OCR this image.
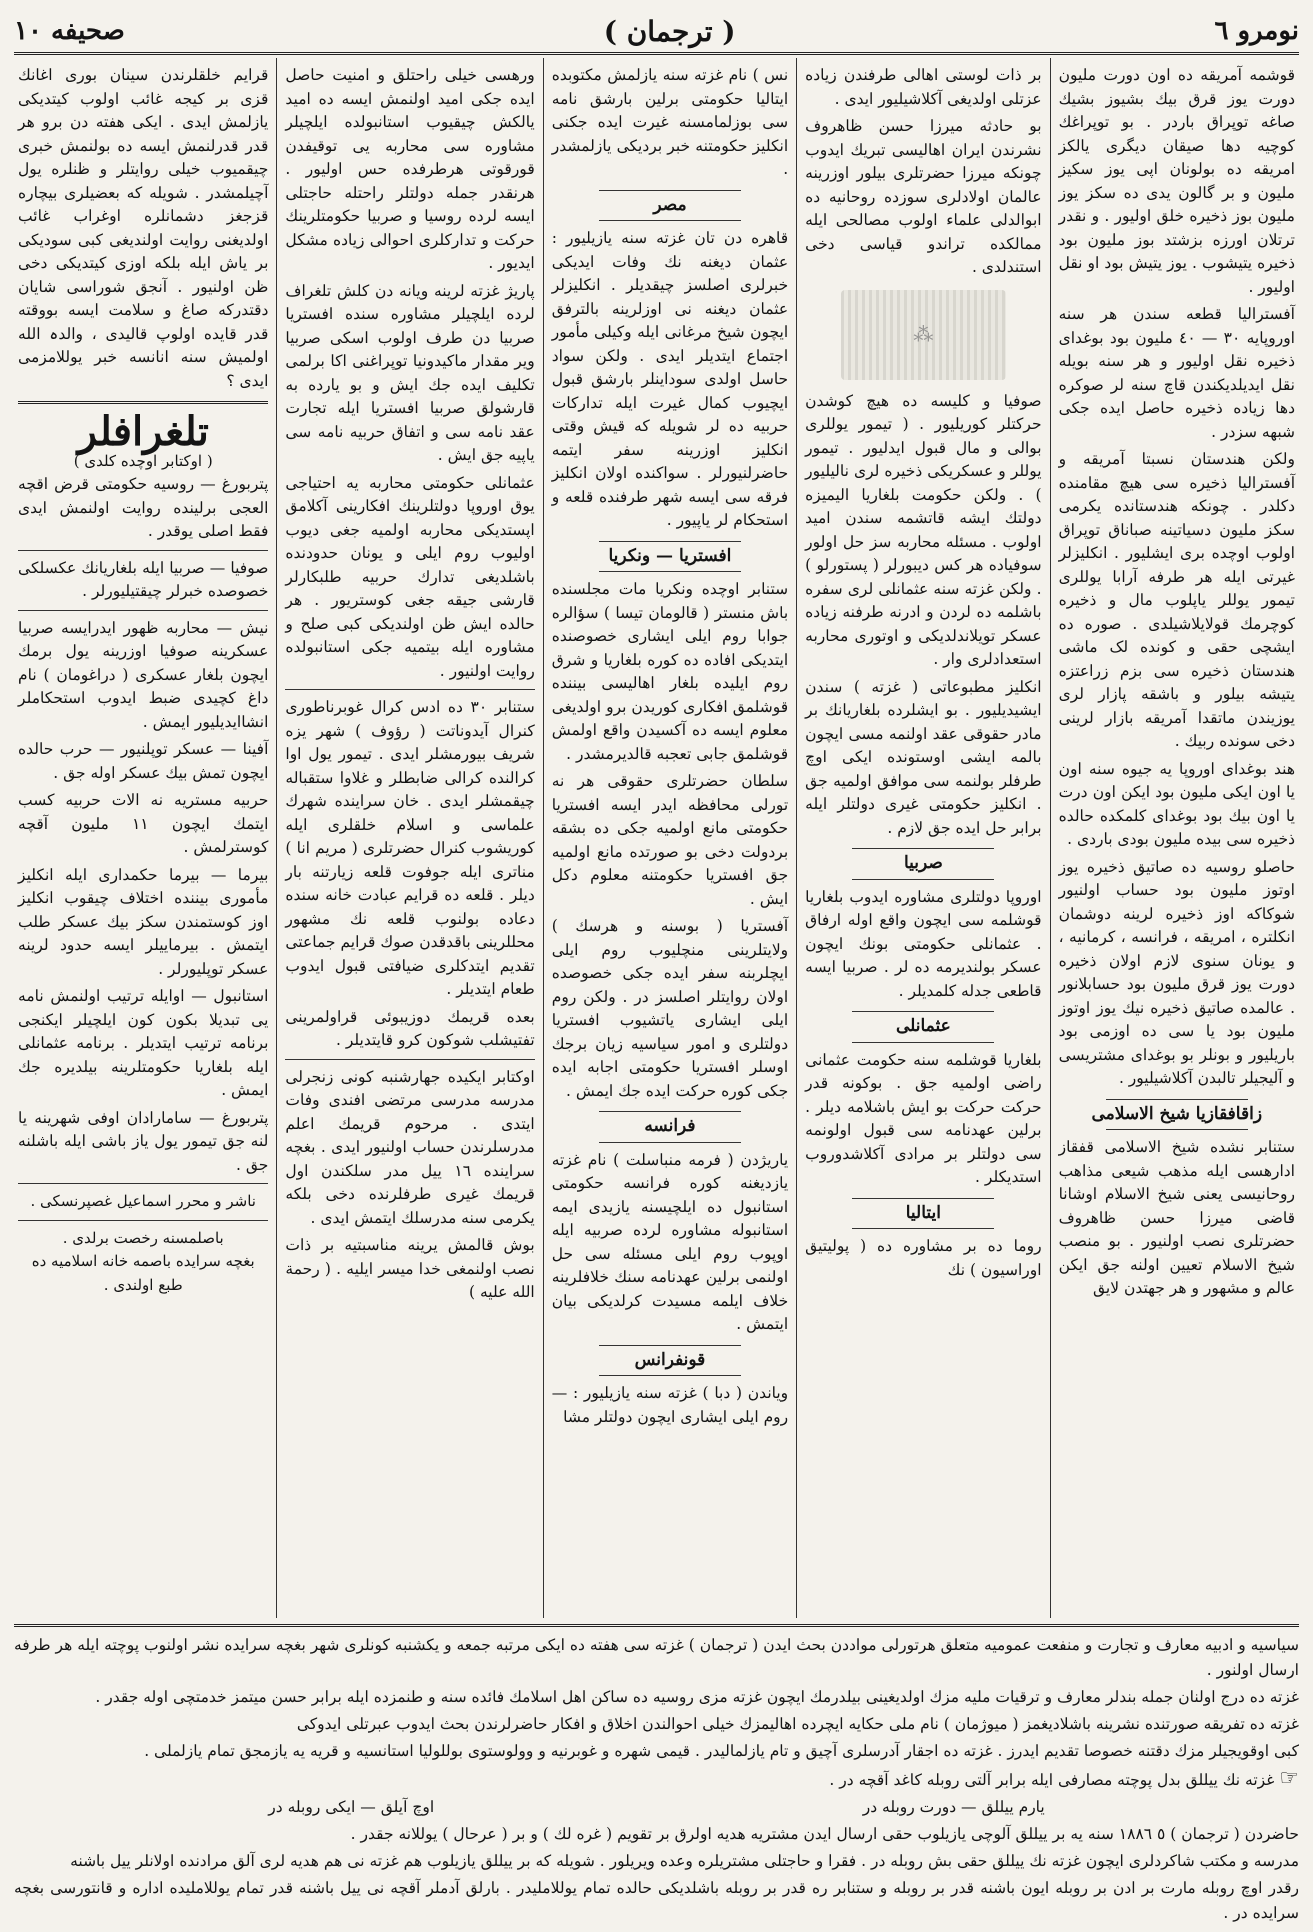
نومرو ٦
( ترجمان )
صحیفه ١٠

قوشمه آمریقه ده اون دورت ملیون دورت یوز قرق بیك بشیوز بشیك صاغه توپراق باردر . بو توپراغك کوچیه دها صیقان دیگری یالکز امریقه ده بولونان اپی یوز سکیز ملیون و بر گالون یدی ده سکز یوز ملیون بوز ذخیره خلق اوليور . و نقدر ترتلان اورزه بزشتد بوز ملیون بود ذخیره یتیشوب . یوز یتیش بود او نقل اولیور .

آفستراليا قطعه سندن هر سنه اوروپايه ٣٠ — ٤٠ ملیون بود بوغدای ذخیره نقل اولیور و هر سنه بویله نقل ایدیلدیکندن قاچ سنه لر صوکره دها زیاده ذخیره حاصل ایده جکی شبهه سزدر .

ولکن هندستان نسبتا آمریقه و آفستراليا ذخیره سی هیچ مقامنده دکلدر . چونکه هندستانده یکرمی سکز ملیون دسیاتینه صباناق توپراق اولوب اوچده بری ایشلیور . انکلیزلر غیرتی ایله هر طرفه آرابا یوللری تیمور یوللر یاپلوب مال و ذخیره کوچرمك قولايلاشيلدی . صوره ده ایشچی حقی و کونده لک ماشی هندستان ذخیره سی بزم زراعتزه یتیشه بیلور و باشقه پازار لری یوزیندن ماتقدا آمریقه بازار لرینی دخی سونده ربیك .

هند بوغدای اوروپا یه جیوه سنه اون یا اون ایکی ملیون بود ایکن اون درت یا اون بیك بود بوغدای کلمکده حالده ذخیره سی بیده ملیون بودی باردی .

حاصلو روسیه ده صاتیق ذخیره یوز اوتوز ملیون بود حساب اولنیور شوکاکه اوز ذخیره لرینه دوشمان انکلتره ، امریقه ، فرانسه ، کرمانیه ، و یونان سنوی لازم اولان ذخیره دورت یوز قرق ملیون بود حسابلانور . عالمده صاتیق ذخیره نیك یوز اوتوز ملیون بود یا سی ده اوزمی بود باریلیور و بونلر بو بوغدای مشتریسی و آلیجیلر تالبدن آکلاشیلیور .

زاقافقازیا شیخ الاسلامی

ستنابر نشده شیخ الاسلامی قفقاز ادارهسی ایله مذهب شیعی مذاهب روحانیسی یعنی شیخ الاسلام اوشانا قاضی میرزا حسن ظاهروف حضرتلری نصب اولنیور . بو منصب شیخ الاسلام تعیین اولنه جق ایکن عالم و مشهور و هر جهتدن لایق

بر ذات لوستی اهالی طرفندن زیاده عزتلی اولدیغی آکلاشیلیور ایدی .

بو حادثه میرزا حسن ظاهروف نشرندن ایران اهالیسی تبریك ایدوب چونکه میرزا حضرتلری بیلور اوزرینه عالمان اولادلری سوزده روحانیه ده ابوالدلی علماء اولوب مصالحی ایله ممالکده تراندو قیاسی دخی استندلدی .

⁂

صوفیا و کلیسه ده هیچ کوشدن حرکتلر کوریلیور . ( تیمور یوللری بوالی و مال قبول ایدلیور . تیمور یوللر و عسکریکی ذخیره لری نالیلیور ) . ولکن حکومت بلغاريا الیمیزه دولتك ایشه قاتشمه سندن امید اولوب . مسئله محاربه سز حل اولور سوفیاده هر کس دیبورلر ( پستورلو ) . ولکن غزته سنه عثمانلی لری سفره باشلمه ده لردن و ادرنه طرفنه زیاده عسکر تویلاندلدیکی و اوتوری محاربه استعدادلری وار .

انکلیز مطبوعاتی ( غزته ) سندن ایشیدیلیور . بو ایشلرده بلغاريانك بر مادر حقوقی عقد اولنمه مسی ایچون بالمه ایشی اوستونده ایکی اوچ طرفلر بولنمه سی موافق اولمیه جق . انکلیز حکومتی غیری دولتلر ایله برابر حل ایده جق لازم .

صربیا

اوروپا دولتلری مشاوره ایدوب بلغاريا قوشلمه سی ایچون واقع اوله ارفاق . عثمانلی حکومتی بونك ایچون عسکر بولندیرمه ده لر . صربیا ایسه قاطعی جدله کلمدیلر .

عثمانلی

بلغاريا قوشلمه سنه حکومت عثمانی راضی اولمیه جق . بوکونه قدر حرکت حرکت بو ایش باشلامه دیلر . برلین عهدنامه سی قبول اولونمه سی دولتلر بر مرادی آکلاشدوروب استدیکلر .

ایتالیا

روما ده بر مشاوره ده ( پولیتیق اوراسیون ) نك

نس ) نام غزته سنه یازلمش مکتوبده ایتالیا حکومتی برلین بارشق نامه سی بوزلمامسنه غیرت ایده جکنی انکلیز حکومتنه خبر بردیکی یازلمشدر .

مصر

قاهره دن تان غزته سنه یازیلیور : عثمان دیغنه نك وفات ایدیکی خبرلری اصلسز چیقدیلر . انکلیزلر عثمان دیغنه نی اوزلرینه بالترفق ایچون شیخ مرغانی ایله وکیلی مأمور اجتماع ایتدیلر ایدی . ولکن سواد حاسل اولدی سوداینلر بارشق قبول ایچیوب کمال غیرت ایله تدارکات حربیه ده لر شویله که قیش وقتی انکلیز اوزرینه سفر ایتمه حاضرلنیورلر . سواکنده اولان انکلیز فرقه سی ایسه شهر طرفنده قلعه و استحکام لر یاپیور .

افستریا — ونکریا

ستنابر اوچده ونکریا مات مجلسنده باش منستر ( قالومان تیسا ) سؤالره جوابا روم ایلی ایشاری خصوصنده ایتدیکی افاده ده کوره بلغاريا و شرق روم ایلیده بلغار اهالیسی بیننده قوشلمق افکاری کوریدن برو اولدیغی معلوم ایسه ده آکسیدن واقع اولمش قوشلمق جابی تعجبه قالدیرمشدر .

سلطان حضرتلری حقوقی هر نه تورلی محافظه ایدر ایسه افستریا حکومتی مانع اولمیه جکی ده بشقه بردولت دخی بو صورتده مانع اولمیه جق افستریا حکومتنه معلوم دکل ایش .

آفستریا ( بوسنه و هرسك ) ولایتلرینی منچلیوب روم ایلی ایچلربنه سفر ایده جکی خصوصده اولان روایتلر اصلسز در . ولکن روم ایلی ایشاری یاتشیوب افستریا دولتلری و امور سیاسیه زیان برجك اوسلر افستریا حکومتی اجابه ایده جکی کوره حرکت ایده جك ایمش .

فرانسه

یاریژدن ( فرمه منباسلت ) نام غزته یازدیغنه کوره فرانسه حکومتی استانبول ده ایلچیسنه یازیدی ایمه استانبوله مشاوره لرده صربیه ایله اوپوب روم ایلی مسئله سی حل اولنمی برلین عهدنامه سنك خلافلرینه خلاف ایلمه مسیدت کرلدیکی بیان ایتمش .

قونفرانس

ویاندن ( دبا ) غزته سنه یازیلیور : — روم ایلی ایشاری ایچون دولتلر مشا

ورهسی خیلی راحتلق و امنیت حاصل ایده جکی امید اولنمش ایسه ده امید یالکش چیقیوب استانبولده ایلچیلر مشاوره سی محاربه یی توقیفدن قورقوتی هرطرفده حس اولیور . هرنقدر جمله دولتلر راحتله حاجتلی ایسه لرده روسیا و صربیا حکومتلرینك حرکت و تدارکلری احوالی زیاده مشکل ایدیور .

پاریژ غزته لرینه ویانه دن کلش تلغراف لرده ایلچیلر مشاوره سنده افستریا صربیا دن طرف اولوب اسکی صربیا ویر مقدار ماکیدونیا توپراغنی اکا برلمی تکلیف ایده جك ایش و بو یارده به قارشولق صربیا افستریا ایله تجارت عقد نامه سی و اتفاق حربیه نامه سی یاپیه جق ایش .

عثمانلی حکومتی محاربه یه احتیاجی یوق اوروپا دولتلرینك افکارینی آکلامق اپستدیکی محاربه اولمیه جغی دیوب اولیوب روم ایلی و یونان حدودنده باشلدیغی تدارك حربیه طلبکارلر قارشی جیقه جغی کوستریور . هر حالده ایش ظن اولندیکی کبی صلح و مشاوره ایله بیتمیه جکی استانبولده روایت اولنیور .

ستنابر ٣٠ ده ادس کرال غوبرناطوری کنرال آیدوناتت ( رؤوف ) شهر یزه شریف بیورمشلر ایدی . تیمور یول اوا کرالنده کرالی ضابطلر و غلاوا ستقباله چیقمشلر ایدی . خان سراینده شهرك علماسی و اسلام خلقلری ایله کوریشوب کنرال حضرتلری ( مریم انا ) مناتری ایله جوفوت قلعه زیارتنه بار دیلر . قلعه ده قرایم عبادت خانه سنده دعاده بولنوب قلعه نك مشهور محللرینی باقدقدن صوك قرایم جماعتی تقدیم ایتدکلری ضیافتی قبول ایدوب طعام ایتدیلر .

بعده قریمك دوزیبوئی قراولمرینی تفتیشلب شوکون کرو قایتدیلر .

اوکتابر ایکیده جهارشنبه کونی زنجرلی مدرسه مدرسی مرتضی افندی وفات ایتدی . مرحوم قریمك اعلم مدرسلرندن حساب اولنیور ایدی . بغچه سراینده ١٦ ییل مدر سلکندن اول قریمك غیری طرفلرنده دخی بلکه یکرمی سنه مدرسلك ایتمش ایدی .

بوش قالمش یرینه مناسبتیه بر ذات نصب اولنمغی خدا میسر ایلیه . ( رحمة الله علیه )

قرایم خلقلرندن سینان بوری اغانك قزی بر کیجه غائب اولوب کیتدیکی یازلمش ایدی . ایکی هفته دن برو هر قدر قدرلنمش ایسه ده بولنمش خبری چیقمیوب خیلی روایتلر و ظنلره یول آچیلمشدر . شویله که بعضیلری بیچاره قزجغز دشمانلره اوغراب غائب اولدیغنی روایت اولندیغی کبی سودیکی بر یاش ایله بلکه اوزی کیتدیکی دخی ظن اولنیور . آنجق شوراسی شایان دقتدرکه صاغ و سلامت ایسه بووقته قدر قایده اولوپ قالیدی ، والدہ الله اولمیش سنه انانسه خبر یوللامزمی ایدی ؟

تلغرافلر
( اوکتابر اوچده کلدی )

پتربورغ — روسیه حکومتی قرض اقچه العجی برلینده روایت اولنمش ایدی فقط اصلی یوقدر .

صوفیا — صربیا ایله بلغاریانك عکسلکی خصوصده خبرلر چیقتیلیورلر .

نیش — محاربه ظهور ایدرایسه صربیا عسکرینه صوفیا اوزرینه یول برمك ایچون بلغار عسکری ( دراغومان ) نام داغ کچیدی ضبط ایدوب استحکاملر انشاایدیلیور ایمش .

آفینا — عسکر توپلنیور — حرب حالده ایچون تمش بیك عسکر اوله جق .

حربیه مستریه نه الات حربیه کسب ایتمك ایچون ١١ ملیون آقچه کوسترلمش .

بیرما — بیرما حکمداری ایله انکلیز مأموری بیننده اختلاف چیقوب انکلیز اوز کوستمندن سکز بیك عسکر طلب ایتمش . بیرماییلر ایسه حدود لرینه عسکر توپلیورلر .

استانبول — اوایله ترتیب اولنمش نامه یی تبدیلا بکون کون ایلچیلر ایکنجی برنامه ترتیب ایتدیلر . برنامه عثمانلی ایله بلغاریا حکومتلرینه بیلدیره جك ایمش .

پتربورغ — سامارادان اوفی شهرینه یا لنه جق تیمور یول یاز باشی ایله باشلنه جق .

ناشر و محرر اسماعیل غصپرنسکی .
باصلمسنه رخصت برلدی .
بغچه سرایده باصمه خانه اسلامیه ده طبع اولندی .

سیاسیه و ادبیه معارف و تجارت و منفعت عمومیه متعلق هرتورلی مواددن بحث ایدن ( ترجمان ) غزته سی هفته ده ایکی مرتبه جمعه و یکشنبه کونلری شهر بغچه سرایده نشر اولنوب پوچته ایله هر طرفه ارسال اولنور .

غزته ده درج اولنان جمله بندلر معارف و ترقیات ملیه مزك اولدیغینی بیلدرمك ایچون غزته مزی روسیه ده ساکن اهل اسلامك فائده سنه و طنمزده ایله برابر حسن میتمز خدمتچی اوله جقدر .

غزته ده تفریقه صورتنده نشرینه باشلادیغمز ( میوژمان ) نام ملی حکایه ایچرده اهالیمزك خیلی احوالندن اخلاق و افکار حاضرلرندن بحث ایدوب عبرتلی ایدوکی

کبی اوقویجیلر مزك دقتنه خصوصا تقدیم ایدرز . غزته ده اجقار آدرسلری آچیق و تام یازلمالیدر . قیمی شهره و غوبرنیه و وولوستوی بوللولیا استانسیه و قریه یه یازمجق تمام یازلملی .

☞ غزته نك ییللق بدل پوچته مصارفی ایله برابر آلتی روبله کاغد آقچه در .

یارم ییللق — دورت روبله در
اوچ آیلق — ایکی روبله در

حاضردن ( ترجمان ) ٥ ١٨٨٦ سنه یه بر ییللق آلوچی یازیلوب حقی ارسال ایدن مشتریه هدیه اولرق بر تقویم ( غره لك ) و بر ( عرحال ) یوللانه جقدر .

مدرسه و مکتب شاکردلری ایچون غزته نك ییللق حقی بش روبله در . فقرا و حاجتلی مشتریلره وعده ویریلور . شویله که بر ییللق یازیلوب هم غزته نی هم هدیه لری آلق مرادنده اولانلر ییل باشنه

رقدر اوچ روبله مارت بر ادن بر روبله ایون باشنه قدر بر روبله و ستنابر ره قدر بر روبله باشلدیکی حالده تمام یوللاملیدر . بارلق آدملر آقچه نی ییل باشنه قدر تمام یوللامليده اداره و قانتورسی بغچه سرایده در .
